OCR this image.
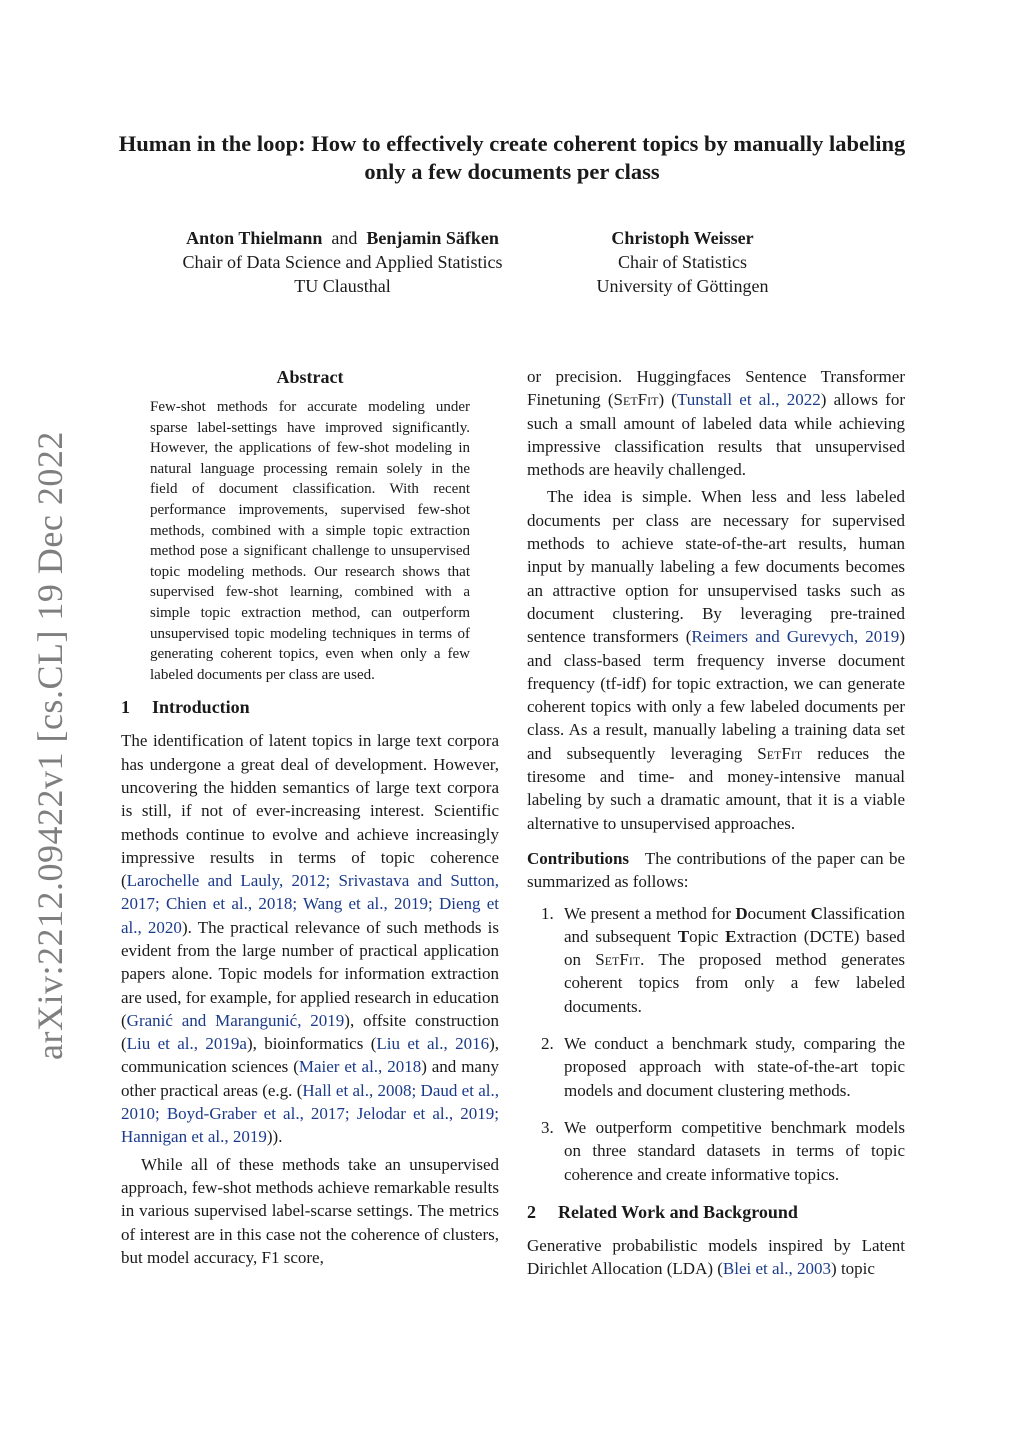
arXiv:2212.09422v1 [cs.CL] 19 Dec 2022
Human in the loop: How to effectively create coherent topics by manually labeling only a few documents per class
Anton Thielmann and Benjamin Säfken
Chair of Data Science and Applied Statistics
TU Clausthal
Christoph Weisser
Chair of Statistics
University of Göttingen
Abstract

Few-shot methods for accurate modeling under sparse label-settings have improved significantly. However, the applications of few-shot modeling in natural language processing remain solely in the field of document classification. With recent performance improvements, supervised few-shot methods, combined with a simple topic extraction method pose a significant challenge to unsupervised topic modeling methods. Our research shows that supervised few-shot learning, combined with a simple topic extraction method, can outperform unsupervised topic modeling techniques in terms of generating coherent topics, even when only a few labeled documents per class are used.

1 Introduction

The identification of latent topics in large text corpora has undergone a great deal of development. However, uncovering the hidden semantics of large text corpora is still, if not of ever-increasing interest. Scientific methods continue to evolve and achieve increasingly impressive results in terms of topic coherence (Larochelle and Lauly, 2012; Srivastava and Sutton, 2017; Chien et al., 2018; Wang et al., 2019; Dieng et al., 2020). The practical relevance of such methods is evident from the large number of practical application papers alone. Topic models for information extraction are used, for example, for applied research in education (Granić and Marangunić, 2019), offsite construction (Liu et al., 2019a), bioinformatics (Liu et al., 2016), communication sciences (Maier et al., 2018) and many other practical areas (e.g. (Hall et al., 2008; Daud et al., 2010; Boyd-Graber et al., 2017; Jelodar et al., 2019; Hannigan et al., 2019)).

While all of these methods take an unsupervised approach, few-shot methods achieve remarkable results in various supervised label-scarse settings. The metrics of interest are in this case not the coherence of clusters, but model accuracy, F1 score,

or precision. Huggingfaces Sentence Transformer Finetuning (SetFit) (Tunstall et al., 2022) allows for such a small amount of labeled data while achieving impressive classification results that unsupervised methods are heavily challenged.

The idea is simple. When less and less labeled documents per class are necessary for supervised methods to achieve state-of-the-art results, human input by manually labeling a few documents becomes an attractive option for unsupervised tasks such as document clustering. By leveraging pre-trained sentence transformers (Reimers and Gurevych, 2019) and class-based term frequency inverse document frequency (tf-idf) for topic extraction, we can generate coherent topics with only a few labeled documents per class. As a result, manually labeling a training data set and subsequently leveraging SetFit reduces the tiresome and time- and money-intensive manual labeling by such a dramatic amount, that it is a viable alternative to unsupervised approaches.

Contributions The contributions of the paper can be summarized as follows:

1. We present a method for Document Classification and subsequent Topic Extraction (DCTE) based on SetFit. The proposed method generates coherent topics from only a few labeled documents.
2. We conduct a benchmark study, comparing the proposed approach with state-of-the-art topic models and document clustering methods.
3. We outperform competitive benchmark models on three standard datasets in terms of topic coherence and create informative topics.
2 Related Work and Background

Generative probabilistic models inspired by Latent Dirichlet Allocation (LDA) (Blei et al., 2003) topic
